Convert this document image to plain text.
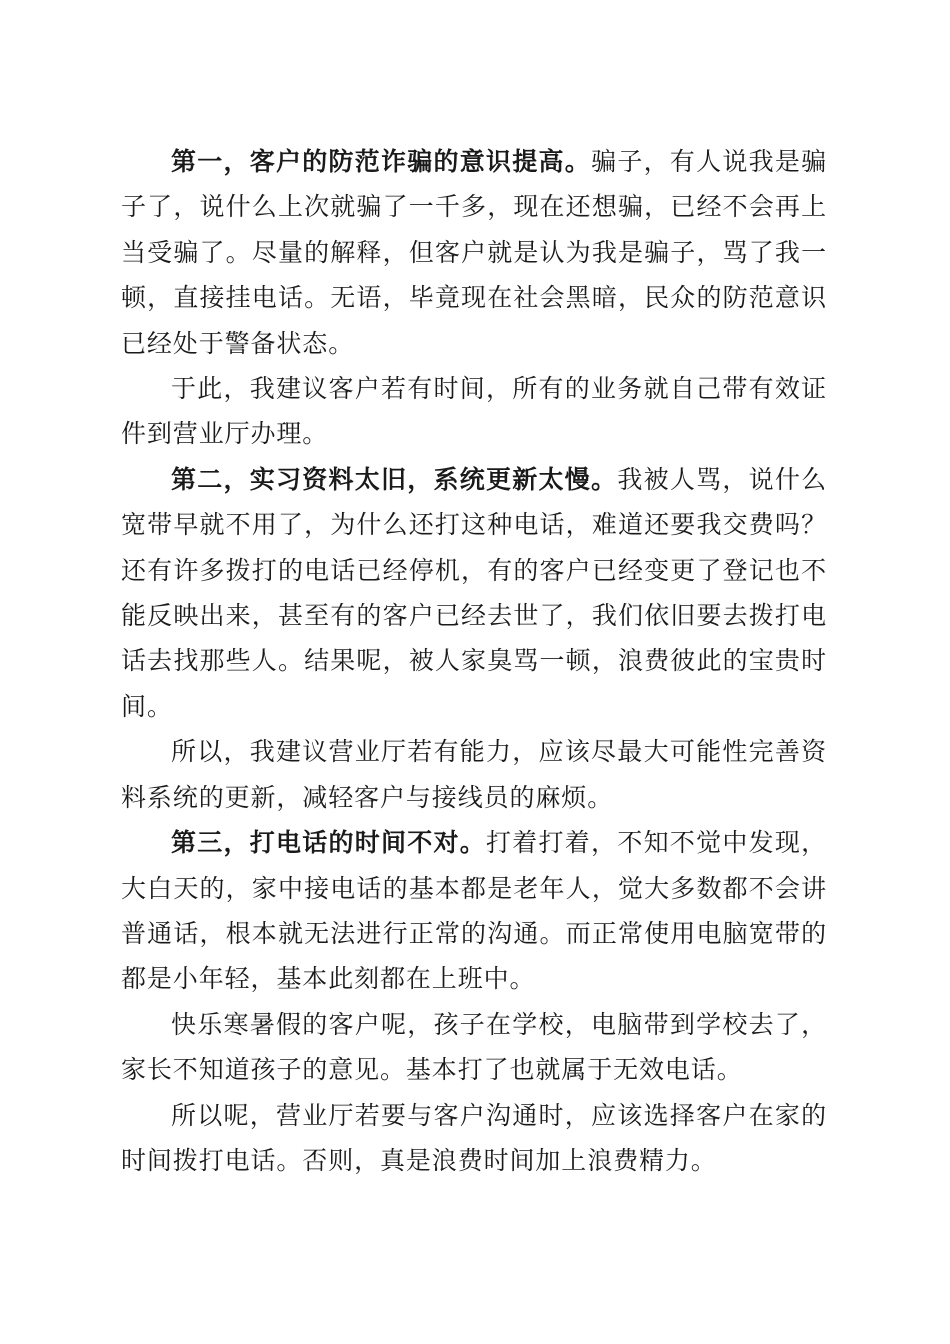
第一，客户的防范诈骗的意识提高。骗子，有人说我是骗子了，说什么上次就骗了一千多，现在还想骗，已经不会再上当受骗了。尽量的解释，但客户就是认为我是骗子，骂了我一顿，直接挂电话。无语，毕竟现在社会黑暗，民众的防范意识已经处于警备状态。

于此，我建议客户若有时间，所有的业务就自己带有效证件到营业厅办理。

第二，实习资料太旧，系统更新太慢。我被人骂，说什么宽带早就不用了，为什么还打这种电话，难道还要我交费吗？还有许多拨打的电话已经停机，有的客户已经变更了登记也不能反映出来，甚至有的客户已经去世了，我们依旧要去拨打电话去找那些人。结果呢，被人家臭骂一顿，浪费彼此的宝贵时间。

所以，我建议营业厅若有能力，应该尽最大可能性完善资料系统的更新，减轻客户与接线员的麻烦。

第三，打电话的时间不对。打着打着，不知不觉中发现，大白天的，家中接电话的基本都是老年人，觉大多数都不会讲普通话，根本就无法进行正常的沟通。而正常使用电脑宽带的都是小年轻，基本此刻都在上班中。

快乐寒暑假的客户呢，孩子在学校，电脑带到学校去了，家长不知道孩子的意见。基本打了也就属于无效电话。

所以呢，营业厅若要与客户沟通时，应该选择客户在家的时间拨打电话。否则，真是浪费时间加上浪费精力。
